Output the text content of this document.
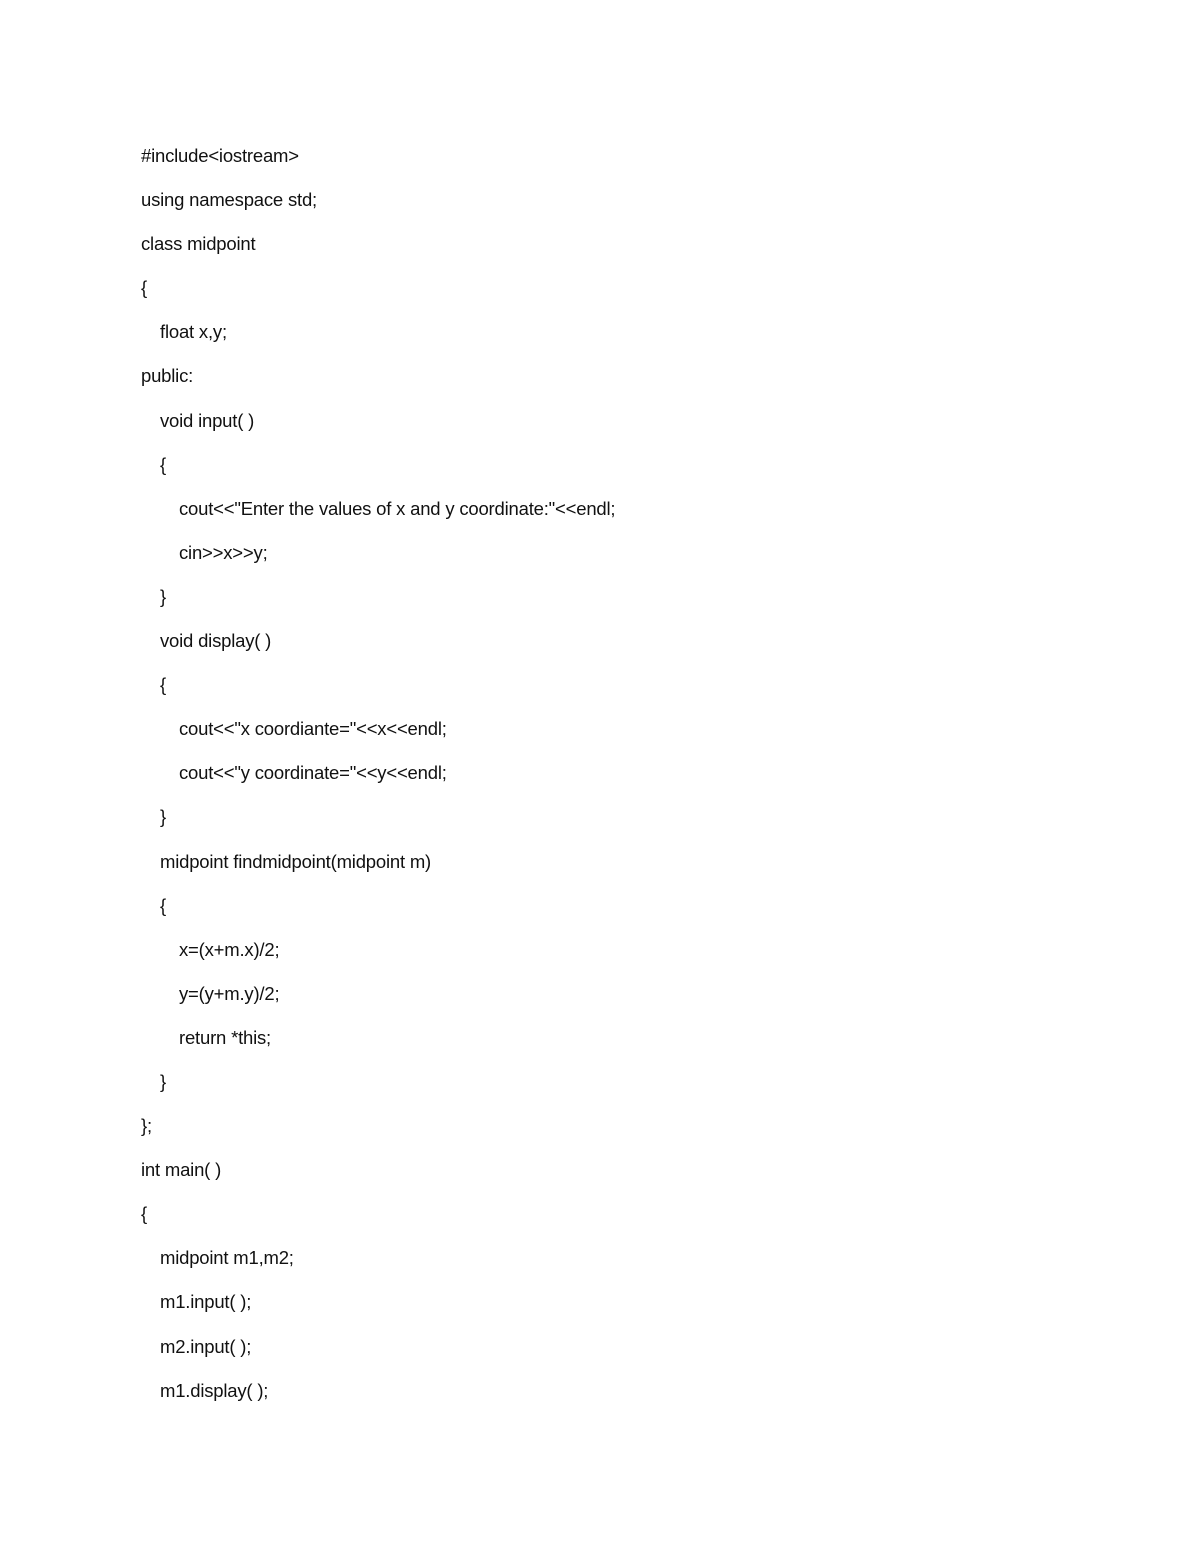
#include<iostream>
using namespace std;
class midpoint
{
float x,y;
public:
void input( )
{
cout<<"Enter the values of x and y coordinate:"<<endl;
cin>>x>>y;
}
void display( )
{
cout<<"x coordiante="<<x<<endl;
cout<<"y coordinate="<<y<<endl;
}
midpoint findmidpoint(midpoint m)
{
x=(x+m.x)/2;
y=(y+m.y)/2;
return *this;
}
};
int main( )
{
midpoint m1,m2;
m1.input( );
m2.input( );
m1.display( );
